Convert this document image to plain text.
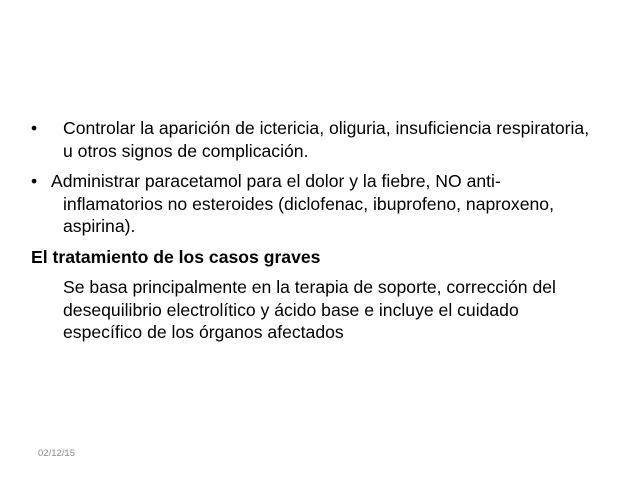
•	Controlar la aparición de ictericia, oliguria, insuficiencia respiratoria, u otros signos de complicación.

• Administrar paracetamol para el dolor y la fiebre, NO anti-inflamatorios no esteroides (diclofenac, ibuprofeno, naproxeno, aspirina).

El tratamiento de los casos graves

Se basa principalmente en la terapia de soporte, corrección del desequilibrio electrolítico y ácido base e incluye el cuidado específico de los órganos afectados

02/12/15
